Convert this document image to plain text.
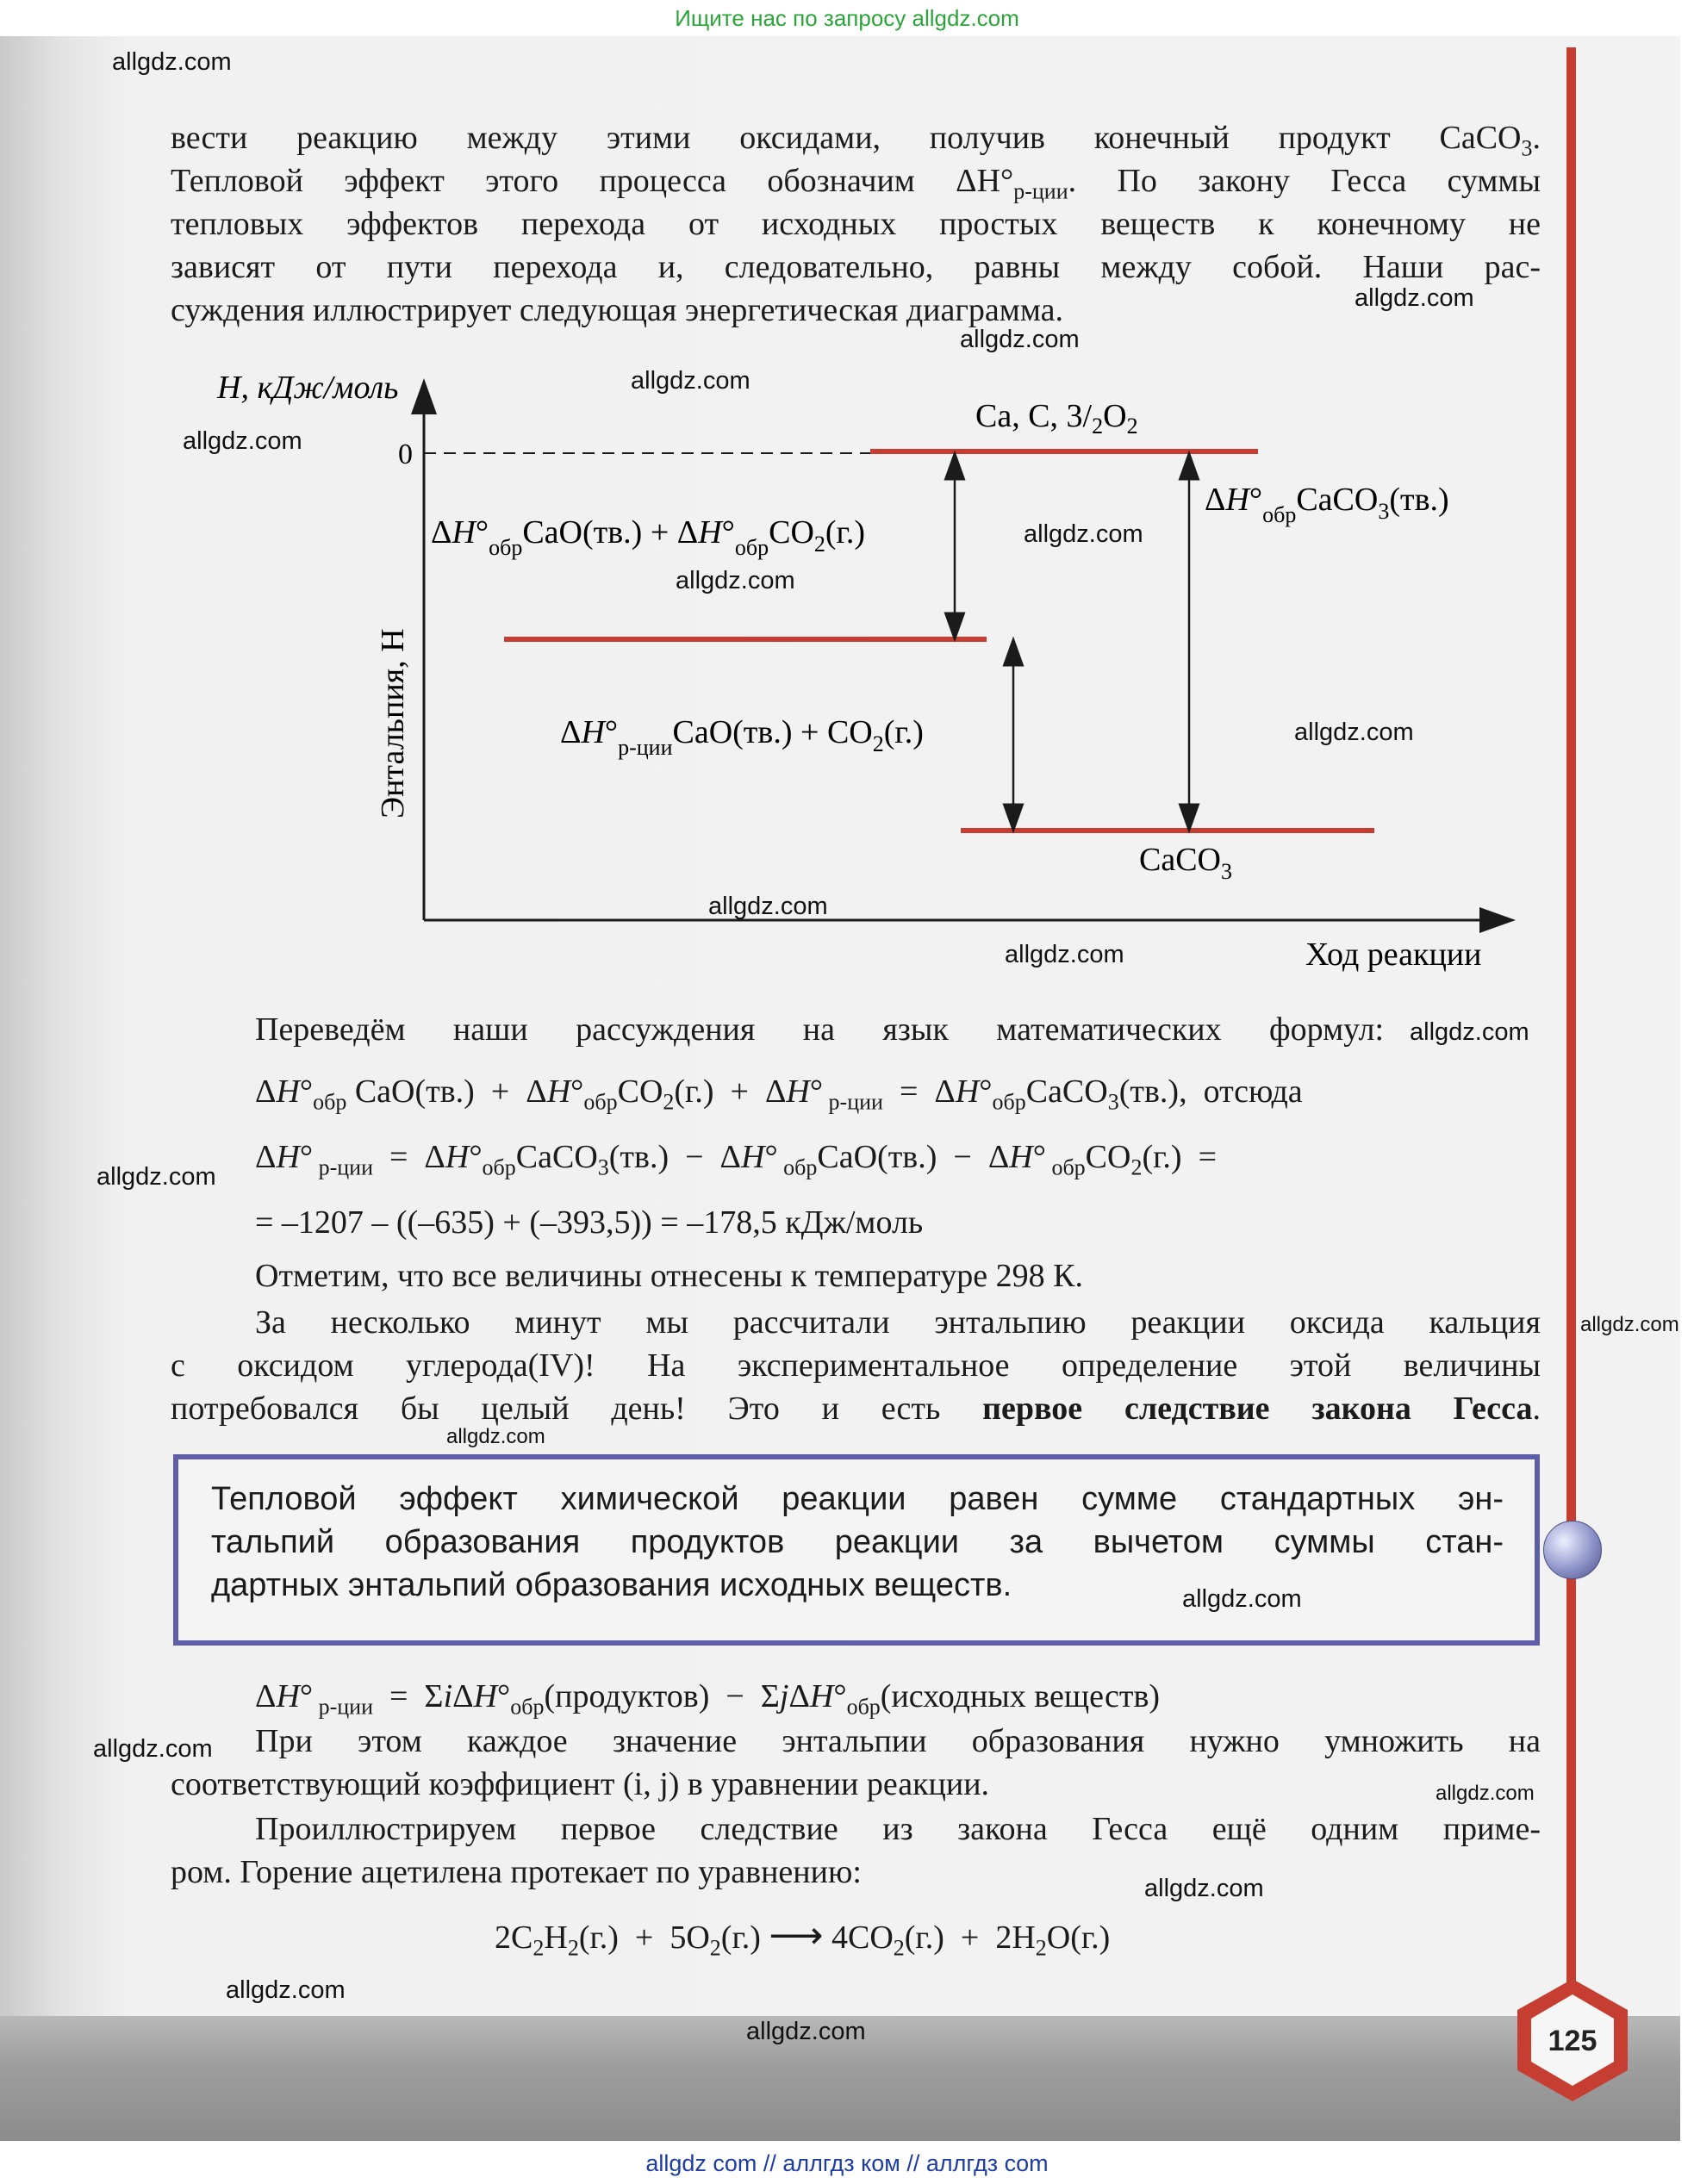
Ищите нас по запросу allgdz.com
вести реакцию между этими оксидами, получив конечный продукт CaCO$_3$.
Тепловой эффект этого процесса обозначим $\Delta H^\circ_{р-ции}$. По закону Гесса суммы
тепловых эффектов перехода от исходных простых веществ к конечному не
зависят от пути перехода и, следовательно, равны между собой. Наши рас-
суждения иллюстрирует следующая энергетическая диаграмма.
H, кДж/моль
0
Энтальпия, Н
Ход реакции
Ca, C, $3/_2O_2$
CaCO$_3$
$\Delta H^\circ_{обр}CaO(тв.) + \Delta H^\circ_{обр}CO_2(г.)$
$\Delta H^\circ_{р-ции}CaO(тв.) + CO_2(г.)$
$\Delta H^\circ_{обр}CaCO_3(тв.)$
Переведём наши рассуждения на язык математических формул:
$\Delta H^\circ_{обр}$ $CaO(тв.) + \Delta H^\circ_{обр}CO_2(г.) + \Delta H^\circ$ $_{р-ции} = \Delta H^\circ_{обр}CaCO_3(тв.)$,  отсюда
ΔH° $_{р-ции} = \Delta H^\circ_{обр}CaCO_3(тв.) - \Delta H^\circ$ $_{обр}$CaO(тв.)  −  ΔH° $_{обр}CO_2(г.)$  =
= –1207 – ((–635) + (–393,5)) = –178,5 кДж/моль
Отметим, что все величины отнесены к температуре 298 К.
За несколько минут мы рассчитали энтальпию реакции оксида кальция
с оксидом углерода(IV)! На экспериментальное определение этой величины
потребовался бы целый день! Это и есть первое следствие закона Гесса.
Тепловой эффект химической реакции равен сумме стандартных эн-
тальпий образования продуктов реакции за вычетом суммы стан-
дартных энтальпий образования исходных веществ.
ΔH° $_{р-ции} = \Sigma i\Delta H^\circ_{обр}(продуктов)$  −  $\Sigma j\Delta H^\circ_{обр}(исходных$ веществ)
При этом каждое значение энтальпии образования нужно умножить на
соответствующий коэффициент (i, j) в уравнении реакции.
Проиллюстрируем первое следствие из закона Гесса ещё одним приме-
ром. Горение ацетилена протекает по уравнению:
$2C_2H_2(г.) + 5O_2(г.)$ ⟶ $4CO_2(г.) + 2H_2O(г.)$
125
allgdz.com
allgdz.com
allgdz.com
allgdz.com
allgdz.com
allgdz.com
allgdz.com
allgdz.com
allgdz.com
allgdz.com
allgdz.com
allgdz.com
allgdz.com
allgdz.com
allgdz.com
allgdz.com
allgdz.com
allgdz.com
allgdz.com
allgdz.com
allgdz com // аллгдз ком // аллгдз com
